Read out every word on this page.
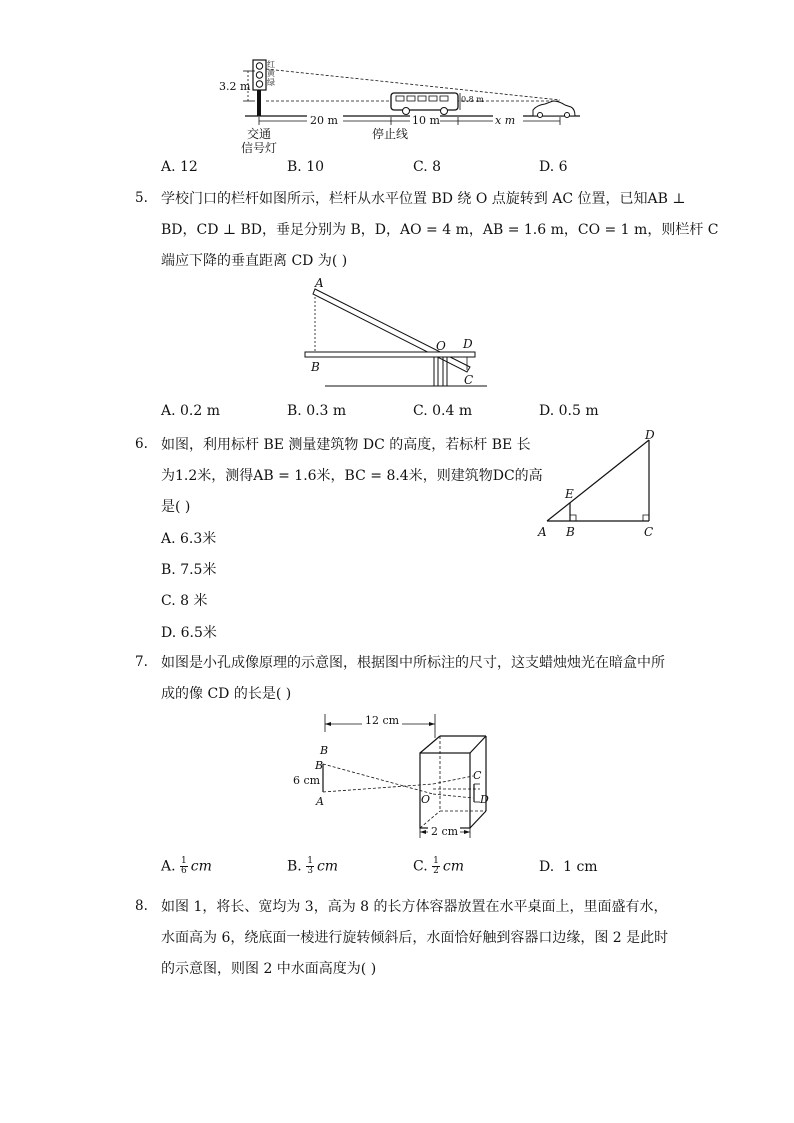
红
黄
绿
3.2 m
0.8 m
20 m	10 m	x m
交通
信号灯
停止线
A. 12	B. 10	C. 8	D. 6
5. 学校门口的栏杆如图所示，栏杆从水平位置 BD 绕 O 点旋转到 AC 位置，已知AB ⊥
BD，CD ⊥ BD，垂足分别为 B，D，AO = 4 m，AB = 1.6 m，CO = 1 m，则栏杆 C
端应下降的垂直距离 CD 为( )
A
B
O D
C
A. 0.2 m	B. 0.3 m	C. 0.4 m	D. 0.5 m
6. 如图，利用标杆 BE 测量建筑物 DC 的高度，若标杆 BE 长
为1.2米，测得AB = 1.6米，BC = 8.4米，则建筑物DC的高
是( )
D
E
A B	C
A. 6.3米
B. 7.5米
C. 8 米
D. 6.5米
7. 如图是小孔成像原理的示意图，根据图中所标注的尺寸，这支蜡烛烛光在暗盒中所
成的像 CD 的长是( )
12 cm
B
B
6 cm
A	O
C
D
2 cm
A. $\frac{1}{6}$ cm	B. $\frac{1}{3}$ cm	C. $\frac{1}{2}$ cm	D. 1 cm
8. 如图 1，将长、宽均为 3，高为 8 的长方体容器放置在水平桌面上，里面盛有水，
水面高为 6，绕底面一棱进行旋转倾斜后，水面恰好触到容器口边缘，图 2 是此时
的示意图，则图 2 中水面高度为( )
